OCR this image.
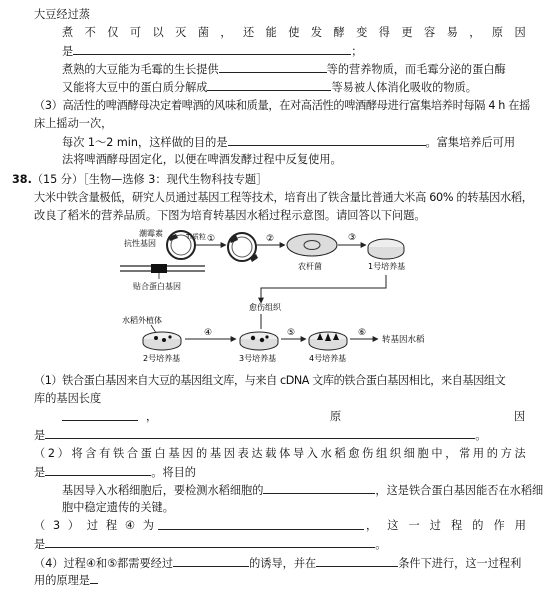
大豆经过蒸
煮 不 仅 可 以 灭 菌 ， 还 能 使 发 酵 变 得 更 容 易 ， 原 因
是	；
煮熟的大豆能为毛霉的生长提供	等的营养物质，而毛霉分泌的蛋白酶
又能将大豆中的蛋白质分解成	等易被人体消化吸收的物质。
（3）高活性的啤酒酵母决定着啤酒的风味和质量，在对高活性的啤酒酵母进行富集培养时每隔 4 h 在摇
床上摇动一次，
每次 1～2 min，这样做的目的是	。富集培养后可用
法将啤酒酵母固定化，以便在啤酒发酵过程中反复使用。
38.（15 分）［生物—选修 3：现代生物科技专题］
大米中铁含量极低，研究人员通过基因工程等技术，培育出了铁含量比普通大米高 60% 的转基因水稻，
改良了稻米的营养品质。下图为培育转基因水稻过程示意图。请回答以下问题。
潮霉素
抗性基因
Ti质粒
贴合蛋白基因
①	②
农杆菌
③
1号培养基
愈伤组织
水稻外植体
2号培养基
④
3号培养基
⑤
4号培养基
⑥
转基因水稻
（1）铁合蛋白基因来自大豆的基因组文库，与来自 cDNA 文库的铁合蛋白基因相比，来自基因组文
库的基因长度
，	原	因
是	。
（ 2 ） 将 含 有 铁 合 蛋 白 基 因 的 基 因 表 达 载 体 导 入 水 稻 愈 伤 组 织 细 胞 中 ， 常 用 的 方 法
是	。将目的
基因导入水稻细胞后，要检测水稻细胞的	，这是铁合蛋白基因能否在水稻细
胞中稳定遗传的关键。
（ 3 ） 过 程 ④ 为	， 这 一 过 程 的 作 用
是	。
（4）过程④和⑤都需要经过	的诱导，并在	条件下进行，这一过程利
用的原理是
